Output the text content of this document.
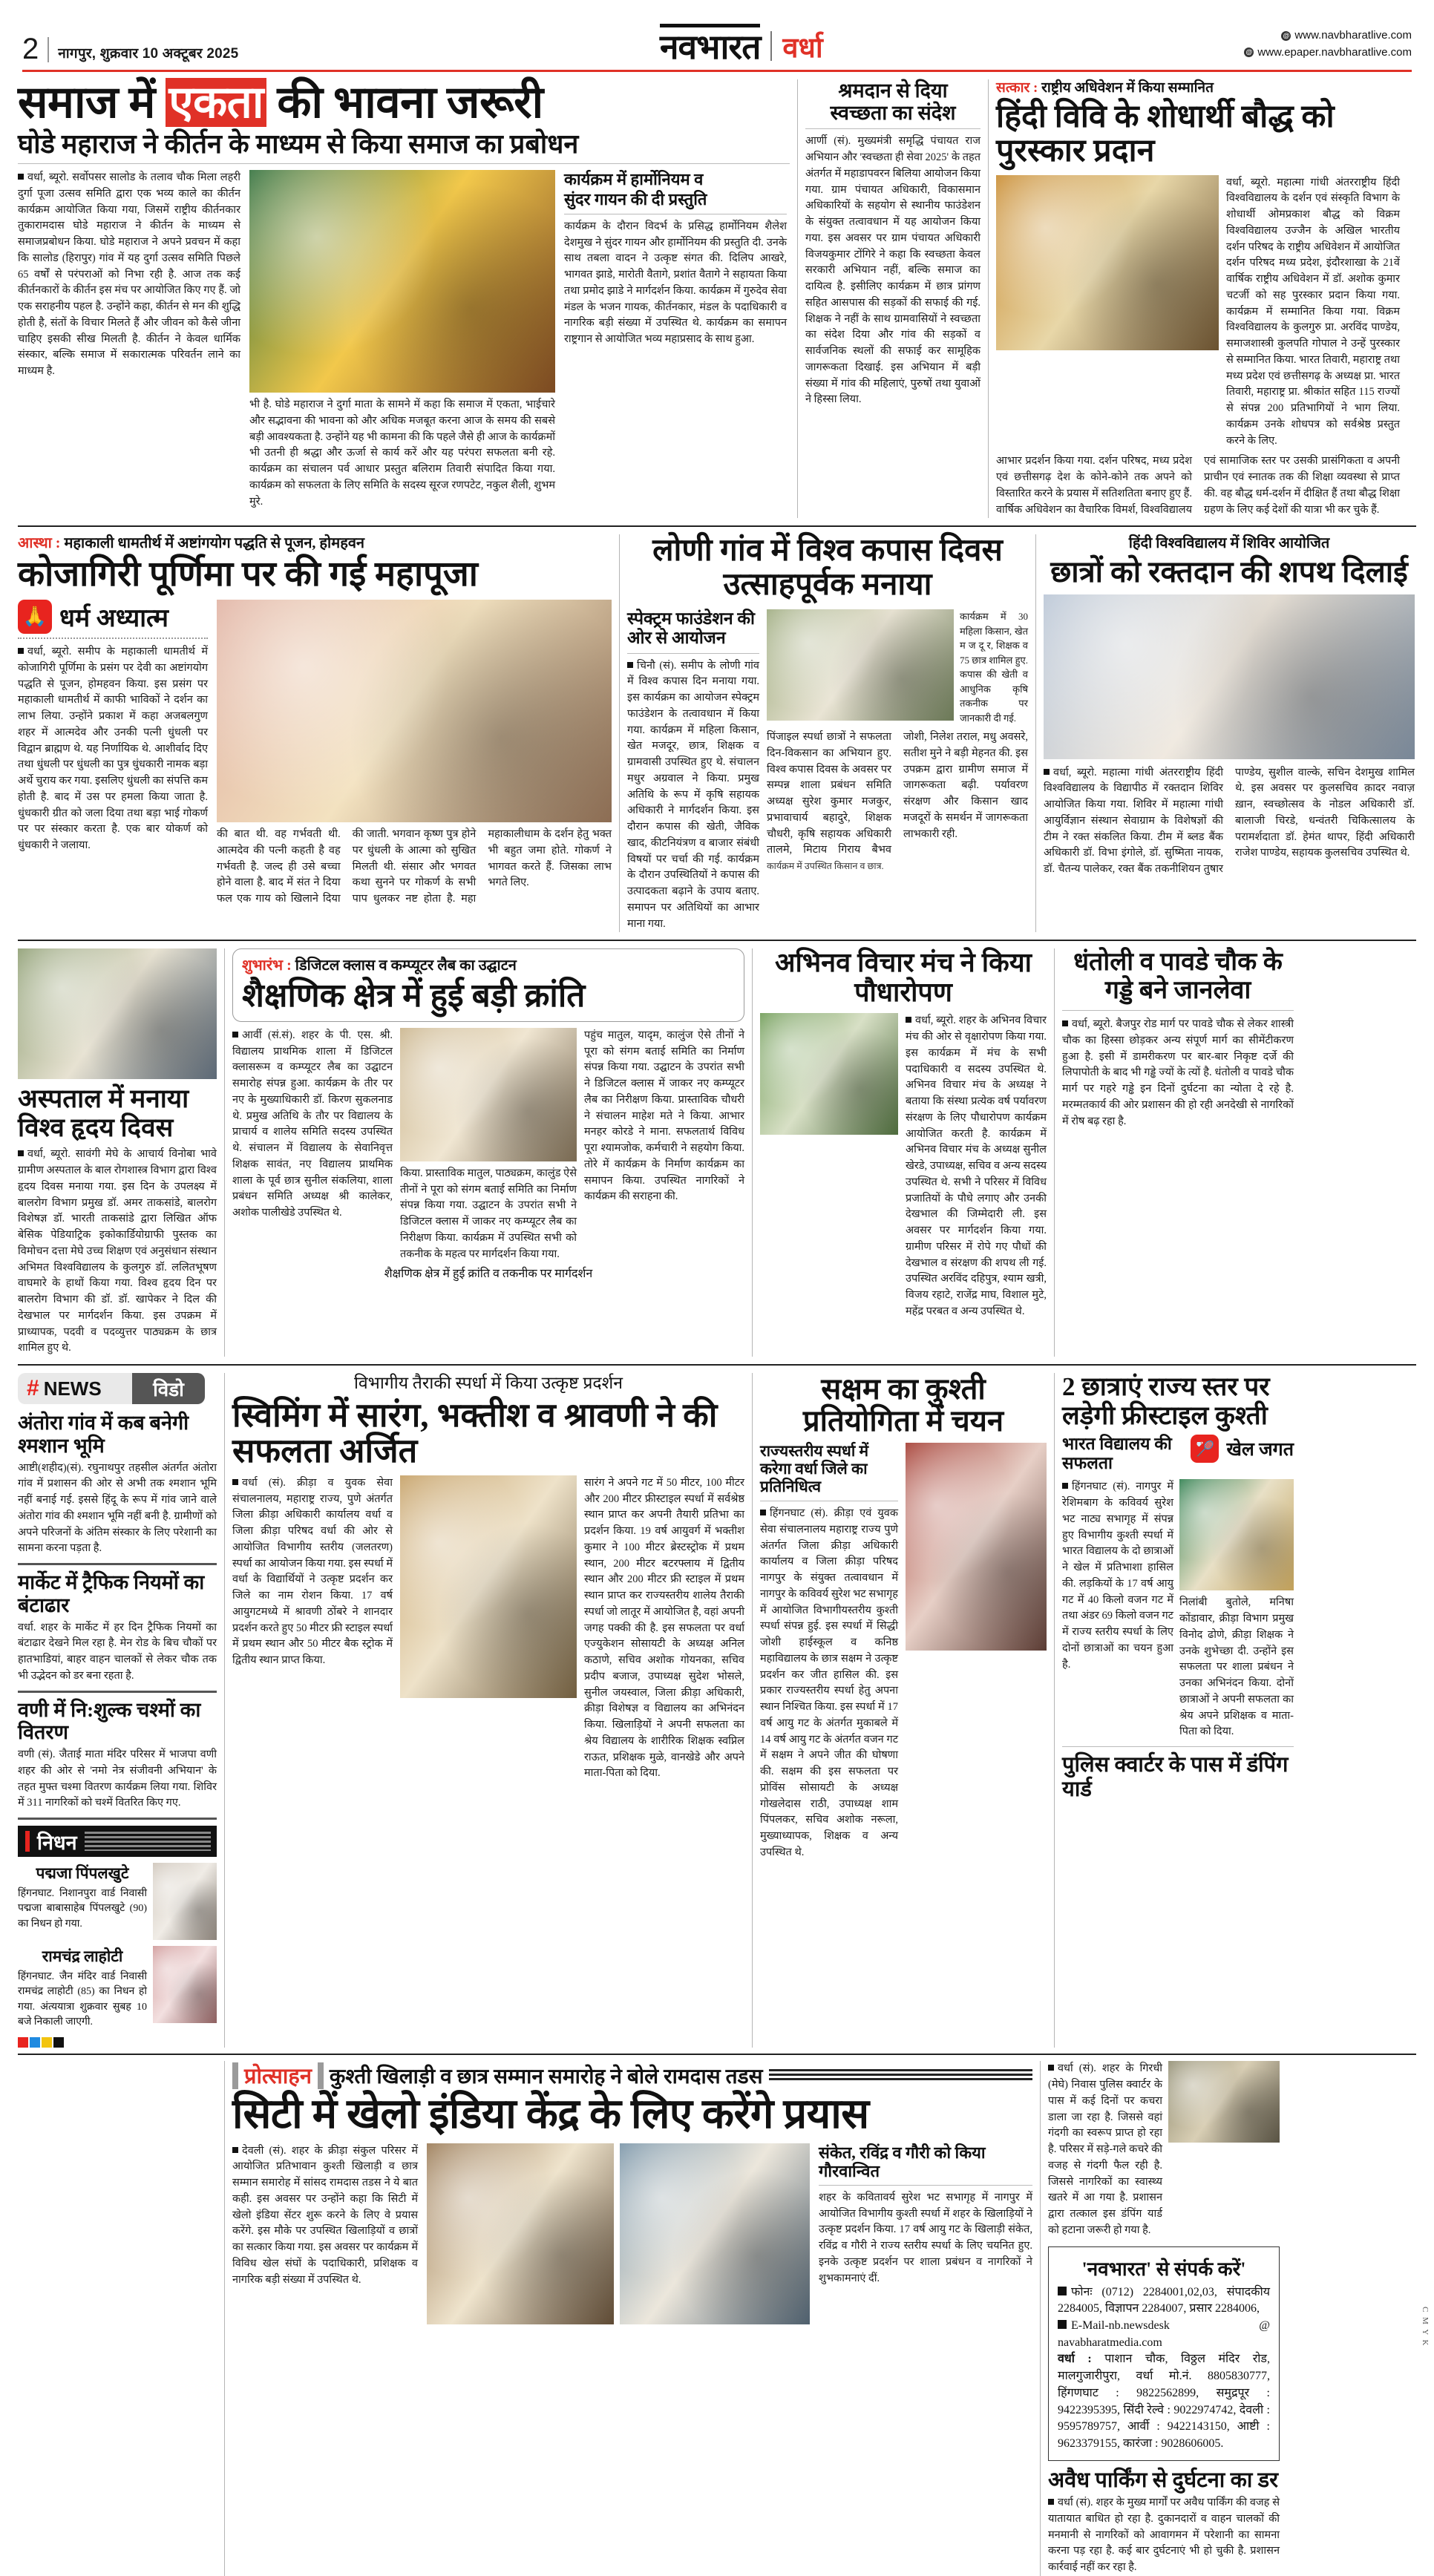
2 नागपुर, शुक्रवार 10 अक्टूबर 2025	नवभारत वर्धा	@ www.navbharatlive.com
@ www.epaper.navbharatlive.com
समाज में एकता की भावना जरूरी
घोडे महाराज ने कीर्तन के माध्यम से किया समाज का प्रबोधन
वर्धा, ब्यूरो. सर्वोपसर सालोड के तलाव चौक मिला लहरी दुर्गा पूजा उत्सव समिति द्वारा एक भव्य काले का कीर्तन कार्यक्रम आयोजित किया गया, जिसमें राष्ट्रीय कीर्तनकार तुकारामदास घोडे महाराज ने कीर्तन के माध्यम से समाजप्रबोधन किया. घोडे महाराज ने अपने प्रवचन में कहा कि सालोड (हिरापुर) गांव में यह दुर्गा उत्सव समिति पिछले 65 वर्षों से परंपराओं को निभा रही है. आज तक कई कीर्तनकारों के कीर्तन इस मंच पर आयोजित किए गए हैं. जो एक सराहनीय पहल है. उन्होंने कहा, कीर्तन से मन की शुद्धि होती है, संतों के विचार मिलते हैं और जीवन को कैसे जीना चाहिए इसकी सीख मिलती है. कीर्तन ने केवल धार्मिक संस्कार, बल्कि समाज में सकारात्मक परिवर्तन लाने का माध्यम है.
भी है. घोडे महाराज ने दुर्गा माता के सामने में कहा कि समाज में एकता, भाईचारे और सद्भावना की भावना को और अधिक मजबूत करना आज के समय की सबसे बड़ी आवश्यकता है. उन्होंने यह भी कामना की कि पहले जैसे ही आज के कार्यक्रमों भी उतनी ही श्रद्धा और ऊर्जा से कार्य करें और यह परंपरा सफलता बनी रहे. कार्यक्रम का संचालन पर्व आधार प्रस्तुत बलिराम तिवारी संपादित किया गया. कार्यक्रम को सफलता के लिए समिति के सदस्य सूरज रणपटेट, नकुल शैली, शुभम मुरे.
कार्यक्रम में हार्मोनियम व
सुंदर गायन की दी प्रस्तुति
कार्यक्रम के दौरान विदर्भ के प्रसिद्ध हार्मोनियम शैलेश देशमुख ने सुंदर गायन और हार्मोनियम की प्रस्तुति दी. उनके साथ तबला वादन ने उत्कृष्ट संगत की. दिलिप आखरे, भागवत झाडे, मारोती वैतागे, प्रशांत वैतागे ने सहायता किया तथा प्रमोद झाडे ने मार्गदर्शन किया. कार्यक्रम में गुरुदेव सेवा मंडल के भजन गायक, कीर्तनकार, मंडल के पदाधिकारी व नागरिक बड़ी संख्या में उपस्थित थे. कार्यक्रम का समापन राष्ट्रगान से आयोजित भव्य महाप्रसाद के साथ हुआ.
श्रमदान से दिया
स्वच्छता का संदेश
आर्णी (सं). मुख्यमंत्री समृद्धि पंचायत राज अभियान और 'स्वच्छता ही सेवा 2025' के तहत अंतर्गत में महाडापवरन बिलिया आयोजन किया गया. ग्राम पंचायत अधिकारी, विकासमान अधिकारियों के सहयोग से स्थानीय फाउंडेशन के संयुक्त तत्वावधान में यह आयोजन किया गया. इस अवसर पर ग्राम पंचायत अधिकारी विजयकुमार टोंगिरे ने कहा कि स्वच्छता केवल सरकारी अभियान नहीं, बल्कि समाज का दायित्व है. इसीलिए कार्यक्रम में छात्र प्रांगण सहित आसपास की सड़कों की सफाई की गई. शिक्षक ने नहीं के साथ ग्रामवासियों ने स्वच्छता का संदेश दिया और गांव की सड़कों व सार्वजनिक स्थलों की सफाई कर सामूहिक जागरूकता दिखाई. इस अभियान में बड़ी संख्या में गांव की महिलाएं, पुरुषों तथा युवाओं ने हिस्सा लिया.
सत्कार : राष्ट्रीय अधिवेशन में किया सम्मानित
हिंदी विवि के शोधार्थी बौद्ध को पुरस्कार प्रदान
वर्धा, ब्यूरो. महात्मा गांधी अंतरराष्ट्रीय हिंदी विश्वविद्यालय के दर्शन एवं संस्कृति विभाग के शोधार्थी ओमप्रकाश बौद्ध को विक्रम विश्वविद्यालय उज्जैन के अखिल भारतीय दर्शन परिषद के राष्ट्रीय अधिवेशन में आयोजित दर्शन परिषद मध्य प्रदेश, इंदौरशाखा के 21वें वार्षिक राष्ट्रीय अधिवेशन में डॉ. अशोक कुमार चटर्जी को सह पुरस्कार प्रदान किया गया. कार्यक्रम में सम्मानित किया गया. विक्रम विश्वविद्यालय के कुलगुरु प्रा. अरविंद पाण्डेय, समाजशास्त्री कुलपति गोपाल ने उन्हें पुरस्कार से सम्मानित किया. भारत तिवारी, महाराष्ट्र तथा मध्य प्रदेश एवं छत्तीसगढ़ के अध्यक्ष प्रा. भारत तिवारी, महाराष्ट्र प्रा. श्रीकांत सहित 115 राज्यों से संपन्न 200 प्रतिभागियों ने भाग लिया. कार्यक्रम उनके शोधपत्र को सर्वश्रेष्ठ प्रस्तुत करने के लिए.
आभार प्रदर्शन किया गया. दर्शन परिषद, मध्य प्रदेश एवं छत्तीसगढ़ देश के कोने-कोने तक अपने को विस्तारित करने के प्रयास में सतिशतिता बनाए हुए हैं. वार्षिक अधिवेशन का वैचारिक विमर्श, विश्वविद्यालय एवं सामाजिक स्तर पर उसकी प्रासंगिकता व अपनी प्राचीन एवं स्नातक तक की शिक्षा व्यवस्था से प्राप्त की. वह बौद्ध धर्म-दर्शन में दीक्षित हैं तथा बौद्ध शिक्षा ग्रहण के लिए कई देशों की यात्रा भी कर चुके हैं.
आस्था : महाकाली धामतीर्थ में अष्टांगयोग पद्धति से पूजन, होमहवन
कोजागिरी पूर्णिमा पर की गई महापूजा
🙏 धर्म अध्यात्म
वर्धा, ब्यूरो. समीप के महाकाली धामतीर्थ में कोजागिरी पूर्णिमा के प्रसंग पर देवी का अष्टांगयोग पद्धति से पूजन, होमहवन किया. इस प्रसंग पर महाकाली धामतीर्थ में काफी भाविकों ने दर्शन का लाभ लिया. उन्होंने प्रकाश में कहा अजबलगुण शहर में आत्मदेव और उनकी पत्नी धुंधली पर विद्वान ब्राह्मण थे. यह निर्णायिक थे. आशीर्वाद दिए तथा धुंधली पर धुंधली का पुत्र धुंधकारी नामक बड़ा अर्थे चुराय कर गया. इसलिए धुंधली का संपत्ति कम होती है. बाद में उस पर हमला किया जाता है. धुंधकारी ग्रीत को जला दिया तथा बड़ा भाई गोकर्ण पर पर संस्कार करता है. एक बार योकर्ण को धुंधकारी ने जलाया.
की बात थी. वह गर्भवती थी. आत्मदेव की पत्नी कहती है वह गर्भवती है. जल्द ही उसे बच्चा होने वाला है. बाद में संत ने दिया फल एक गाय को खिलाने दिया की जाती. भगवान कृष्ण पुत्र होने पर धुंधली के आत्मा को सुखित मिलती थी. संसार और भगवत कथा सुनने पर गोकर्ण के सभी पाप धुलकर नष्ट होता है. महा महाकालीधाम के दर्शन हेतु भक्त भी बहुत जमा होते. गोकर्ण ने भागवत करते हैं. जिसका लाभ भगते लिए.
लोणी गांव में विश्व कपास दिवस उत्साहपूर्वक मनाया
स्पेक्ट्रम फाउंडेशन की ओर से आयोजन
चिनौ (सं). समीप के लोणी गांव में विश्व कपास दिन मनाया गया. इस कार्यक्रम का आयोजन स्पेक्ट्रम फाउंडेशन के तत्वावधान में किया गया. कार्यक्रम में महिला किसान, खेत मजदूर, छात्र, शिक्षक व ग्रामवासी उपस्थित हुए थे. संचालन मधुर अग्रवाल ने किया. प्रमुख अतिथि के रूप में कृषि सहायक अधिकारी ने मार्गदर्शन किया. इस दौरान कपास की खेती, जैविक खाद, कीटनियंत्रण व बाजार संबंधी विषयों पर चर्चा की गई. कार्यक्रम के दौरान उपस्थितियों ने कपास की उत्पादकता बढ़ाने के उपाय बताए. समापन पर अतिथियों का आभार माना गया.
कार्यक्रम में 30 महिला किसान, खेत म ज दू र, शिक्षक व 75 छात्र शामिल हुए. कपास की खेती व आधुनिक कृषि तकनीक पर जानकारी दी गई.
पिंजाइल स्पर्धा छात्रों ने सफलता दिन-विकसान का अभियान हुए. विश्व कपास दिवस के अवसर पर सम्पन्न शाला प्रबंधन समिति अध्यक्ष सुरेश कुमार मजकुर, प्रभावाचार्य बहादुरे, शिक्षक चौधरी, कृषि सहायक अधिकारी तालमे, मिटाय गिराय बैभव जोशी, निलेश तराल, मधु अवसरे, सतीश मुने ने बड़ी मेहनत की. इस उपक्रम द्वारा ग्रामीण समाज में जागरूकता बढ़ी. पर्यावरण संरक्षण और किसान खाद मजदूरों के समर्थन में जागरूकता लाभकारी रही.
कार्यक्रम में उपस्थित किसान व छात्र.
हिंदी विश्वविद्यालय में शिविर आयोजित
छात्रों को रक्तदान की शपथ दिलाई
वर्धा, ब्यूरो. महात्मा गांधी अंतरराष्ट्रीय हिंदी विश्वविद्यालय के विद्यापीठ में रक्तदान शिविर आयोजित किया गया. शिविर में महात्मा गांधी आयुर्विज्ञान संस्थान सेवाग्राम के विशेषज्ञों की टीम ने रक्त संकलित किया. टीम में ब्लड बैंक अधिकारी डॉ. विभा इंगोले, डॉ. सुष्मिता नायक, डॉ. चैतन्य पालेकर, रक्त बैंक तकनीशियन तुषार पाण्डेय, सुशील वाल्के, सचिन देशमुख शामिल थे. इस अवसर पर कुलसचिव क़ादर नवाज़ ख़ान, स्वच्छोत्सव के नोडल अधिकारी डॉ. बालाजी चिरडे, धन्वंतरी चिकित्सालय के परामर्शदाता डॉ. हेमंत थापर, हिंदी अधिकारी राजेश पाण्डेय, सहायक कुलसचिव उपस्थित थे.
अस्पताल में मनाया विश्व हृदय दिवस
वर्धा, ब्यूरो. सावंगी मेघे के आचार्य विनोबा भावे ग्रामीण अस्पताल के बाल रोगशास्त्र विभाग द्वारा विश्व हृदय दिवस मनाया गया. इस दिन के उपलक्ष्य में बालरोग विभाग प्रमुख डॉ. अमर ताकसांडे, बालरोग विशेषज्ञ डॉ. भारती ताकसांडे द्वारा लिखित ऑफ बेसिक पेडियाट्रिक इकोकार्डियोग्राफी पुस्तक का विमोचन दत्ता मेघे उच्च शिक्षण एवं अनुसंधान संस्थान अभिमत विश्वविद्यालय के कुलगुरु डॉ. ललितभूषण वाघमारे के हाथों किया गया. विश्व हृदय दिन पर बालरोग विभाग की डॉ. डॉ. खापेकर ने दिल की देखभाल पर मार्गदर्शन किया. इस उपक्रम में प्राध्यापक, पदवी व पदव्युत्तर पाठ्यक्रम के छात्र शामिल हुए थे.
शुभारंभ : डिजिटल क्लास व कम्प्यूटर लैब का उद्घाटन
शैक्षणिक क्षेत्र में हुई बड़ी क्रांति
आर्वी (सं.सं). शहर के पी. एस. श्री. विद्यालय प्राथमिक शाला में डिजिटल क्लासरूम व कम्प्यूटर लैब का उद्घाटन समारोह संपन्न हुआ. कार्यक्रम के तीर पर नए के मुख्याधिकारी डॉ. किरण सुकलनाड थे. प्रमुख अतिथि के तौर पर विद्यालय के प्राचार्य व शालेय समिति सदस्य उपस्थित थे. संचालन में विद्यालय के सेवानिवृत्त शिक्षक सावंत, नए विद्यालय प्राथमिक शाला के पूर्व छात्र सुनील संकलिया, शाला प्रबंधन समिति अध्यक्ष श्री कालेकर, अशोक पालीखेडे उपस्थित थे.
किया. प्रास्ताविक मातुल, पाठ्यक्रम, कालुंड ऐसे तीनों ने पूरा को संगम बताई समिति का निर्माण संपन्न किया गया. उद्घाटन के उपरांत सभी ने डिजिटल क्लास में जाकर नए कम्प्यूटर लैब का निरीक्षण किया. कार्यक्रम में उपस्थित सभी को तकनीक के महत्व पर मार्गदर्शन किया गया.
पहुंच मातुल, यादृम, कालुंज ऐसे तीनों ने पूरा को संगम बताई समिति का निर्माण संपन्न किया गया. उद्घाटन के उपरांत सभी ने डिजिटल क्लास में जाकर नए कम्प्यूटर लैब का निरीक्षण किया. प्रास्ताविक चौधरी ने संचालन माहेश मते ने किया. आभार मनहर कोरडे ने माना. सफलतार्थ विविध पूरा श्यामजोक, कर्मचारी ने सहयोग किया. तोरे में कार्यक्रम के निर्माण कार्यक्रम का समापन किया. उपस्थित नागरिकों ने कार्यक्रम की सराहना की.
शैक्षणिक क्षेत्र में हुई क्रांति व तकनीक पर मार्गदर्शन
अभिनव विचार मंच ने किया पौधारोपण
वर्धा, ब्यूरो. शहर के अभिनव विचार मंच की ओर से वृक्षारोपण किया गया. इस कार्यक्रम में मंच के सभी पदाधिकारी व सदस्य उपस्थित थे. अभिनव विचार मंच के अध्यक्ष ने बताया कि संस्था प्रत्येक वर्ष पर्यावरण संरक्षण के लिए पौधारोपण कार्यक्रम आयोजित करती है. कार्यक्रम में अभिनव विचार मंच के अध्यक्ष सुनील खेरडे, उपाध्यक्ष, सचिव व अन्य सदस्य उपस्थित थे. सभी ने परिसर में विविध प्रजातियों के पौधे लगाए और उनकी देखभाल की जिम्मेदारी ली. इस अवसर पर मार्गदर्शन किया गया. ग्रामीण परिसर में रोपे गए पौधों की देखभाल व संरक्षण की शपथ ली गई. उपस्थित अरविंद दहिपुत्र, श्याम खत्री, विजय रहाटे, राजेंद्र माघ, विशाल मुटे, महेंद्र परबत व अन्य उपस्थित थे.
धंतोली व पावडे चौक के गड्डे बने जानलेवा
वर्धा, ब्यूरो. बैजपुर रोड मार्ग पर पावडे चौक से लेकर शास्त्री चौक का हिस्सा छोड़कर अन्य संपूर्ण मार्ग का सीमेंटीकरण हुआ है. इसी में डामरीकरण पर बार-बार निकृष्ट दर्जे की लिपापोती के बाद भी गड्ढे ज्यों के त्यों है. धंतोली व पावडे चौक मार्ग पर गहरे गड्ढे इन दिनों दुर्घटना का न्योता दे रहे है. मरम्मतकार्य की ओर प्रशासन की हो रही अनदेखी से नागरिकों में रोष बढ़ रहा है.
# NEWS	विडो
अंतोरा गांव में कब बनेगी श्मशान भूमि
आष्टी(शहीद)(सं). रघुनाथपुर तहसील अंतर्गत अंतोरा गांव में प्रशासन की ओर से अभी तक श्मशान भूमि नहीं बनाई गई. इससे हिंदू के रूप में गांव जाने वाले अंतोरा गांव की श्मशान भूमि नहीं बनी है. ग्रामीणों को अपने परिजनों के अंतिम संस्कार के लिए परेशानी का सामना करना पड़ता है.
मार्केट में ट्रैफिक नियमों का बंटाढार
वर्धा. शहर के मार्केट में हर दिन ट्रैफिक नियमों का बंटाढार देखने मिल रहा है. मेन रोड के बिच चौकों पर हातभाडियां, बाहर वाहन चालकों से लेकर चौक तक भी उद्भेदन को डर बना रहता है.
वणी में नि:शुल्क चश्मों का वितरण
वणी (सं). जैताई माता मंदिर परिसर में भाजपा वणी शहर की ओर से 'नमो नेत्र संजीवनी अभियान' के तहत मुफ्त चश्मा वितरण कार्यक्रम लिया गया. शिविर में 311 नागरिकों को चश्में वितरित किए गए.
निधन
पद्मजा पिंपलखुटे
हिंगनघाट. निशानपुरा वार्ड निवासी पद्मजा बाबासाहेब पिंपलखुटे (90) का निधन हो गया.
रामचंद्र लाहोटी
हिंगनघाट. जैन मंदिर वार्ड निवासी रामचंद्र लाहोटी (85) का निधन हो गया. अंत्ययात्रा शुक्रवार सुबह 10 बजे निकाली जाएगी.
विभागीय तैराकी स्पर्धा में किया उत्कृष्ट प्रदर्शन
स्विमिंग में सारंग, भक्तीश व श्रावणी ने की सफलता अर्जित
वर्धा (सं). क्रीड़ा व युवक सेवा संचालनालय, महाराष्ट्र राज्य, पुणे अंतर्गत जिला क्रीड़ा अधिकारी कार्यालय वर्धा व जिला क्रीड़ा परिषद वर्धा की ओर से आयोजित विभागीय स्तरीय (जलतरण) स्पर्धा का आयोजन किया गया. इस स्पर्धा में वर्धा के विद्यार्थियों ने उत्कृष्ट प्रदर्शन कर जिले का नाम रोशन किया. 17 वर्ष आयुगटमध्ये में श्रावणी ठोंबरे ने शानदार प्रदर्शन करते हुए 50 मीटर फ्री स्टाइल स्पर्धा में प्रथम स्थान और 50 मीटर बैक स्ट्रोक में द्वितीय स्थान प्राप्त किया.
सारंग ने अपने गट में 50 मीटर, 100 मीटर और 200 मीटर फ्रीस्टाइल स्पर्धा में सर्वश्रेष्ठ स्थान प्राप्त कर अपनी तैयारी प्रतिभा का प्रदर्शन किया. 19 वर्ष आयुवर्ग में भक्तीश कुमार ने 100 मीटर ब्रेस्टस्ट्रोक में प्रथम स्थान, 200 मीटर बटरफ्लाय में द्वितीय स्थान और 200 मीटर फ्री स्टाइल में प्रथम स्थान प्राप्त कर राज्यस्तरीय शालेय तैराकी स्पर्धा जो लातूर में आयोजित है, वहां अपनी जगह पक्की की है. इस सफलता पर वर्धा एज्युकेशन सोसायटी के अध्यक्ष अनिल कठाणे, सचिव अशोक गोयनका, सचिव प्रदीप बजाज, उपाध्यक्ष सुदेश भोसले, सुनील जयस्वाल, जिला क्रीड़ा अधिकारी, क्रीड़ा विशेषज्ञ व विद्यालय का अभिनंदन किया. खिलाड़ियों ने अपनी सफलता का श्रेय विद्यालय के शारीरिक शिक्षक स्वप्निल राऊत, प्रशिक्षक मुळे, वानखेडे और अपने माता-पिता को दिया.
सक्षम का कुश्ती प्रतियोगिता में चयन
राज्यस्तरीय स्पर्धा में करेगा वर्धा जिले का प्रतिनिधित्व
हिंगनघाट (सं). क्रीड़ा एवं युवक सेवा संचालनालय महाराष्ट्र राज्य पुणे अंतर्गत जिला क्रीड़ा अधिकारी कार्यालय व जिला क्रीड़ा परिषद नागपुर के संयुक्त तत्वावधान में नागपुर के कविवर्य सुरेश भट सभागृह में आयोजित विभागीयस्तरीय कुश्ती स्पर्धा संपन्न हुई. इस स्पर्धा में सिद्धी जोशी हाईस्कूल व कनिष्ठ महाविद्यालय के छात्र सक्षम ने उत्कृष्ट प्रदर्शन कर जीत हासिल की. इस प्रकार राज्यस्तरीय स्पर्धा हेतु अपना स्थान निश्चित किया. इस स्पर्धा में 17 वर्ष आयु गट के अंतर्गत मुकाबले में 14 वर्ष आयु गट के अंतर्गत वजन गट में सक्षम ने अपने जीत की घोषणा की. सक्षम की इस सफलता पर प्रोविंस सोसायटी के अध्यक्ष गोखलेदास राठी, उपाध्यक्ष शाम पिंपलकर, सचिव अशोक नरूला, मुख्याध्यापक, शिक्षक व अन्य उपस्थित थे.
2 छात्राएं राज्य स्तर पर लड़ेगी फ्रीस्टाइल कुश्ती
भारत विद्यालय की सफलता
🏸 खेल जगत
हिंगनघाट (सं). नागपुर में रेशिमबाग के कविवर्य सुरेश भट नाट्य सभागृह में संपन्न हुए विभागीय कुश्ती स्पर्धा में भारत विद्यालय के दो छात्राओं ने खेल में प्रतिभाशा हासिल की. लड़कियों के 17 वर्ष आयु गट में 40 किलो वजन गट में तथा अंडर 69 किलो वजन गट में राज्य स्तरीय स्पर्धा के लिए दोनों छात्राओं का चयन हुआ है.
निलांबी बुतोले, मनिषा कोंडावार, क्रीड़ा विभाग प्रमुख विनोद ढोणे, क्रीड़ा शिक्षक ने उनके शुभेच्छा दी. उन्होंने इस सफलता पर शाला प्रबंधन ने उनका अभिनंदन किया. दोनों छात्राओं ने अपनी सफलता का श्रेय अपने प्रशिक्षक व माता-पिता को दिया.
पुलिस क्वार्टर के पास में डंपिंग यार्ड
प्रोत्साहन कुश्ती खिलाड़ी व छात्र सम्मान समारोह ने बोले रामदास तडस
सिटी में खेलो इंडिया केंद्र के लिए करेंगे प्रयास
देवली (सं). शहर के क्रीड़ा संकुल परिसर में आयोजित प्रतिभावान कुश्ती खिलाड़ी व छात्र सम्मान समारोह में सांसद रामदास तडस ने ये बात कही. इस अवसर पर उन्होंने कहा कि सिटी में खेलो इंडिया सेंटर शुरू करने के लिए वे प्रयास करेंगे. इस मौके पर उपस्थित खिलाड़ियों व छात्रों का सत्कार किया गया. इस अवसर पर कार्यक्रम में विविध खेल संघों के पदाधिकारी, प्रशिक्षक व नागरिक बड़ी संख्या में उपस्थित थे.
संकेत, रविंद्र व गौरी को किया गौरवान्वित
शहर के कवितावर्य सुरेश भट सभागृह में नागपुर में आयोजित विभागीय कुश्ती स्पर्धा में शहर के खिलाड़ियों ने उत्कृष्ट प्रदर्शन किया. 17 वर्ष आयु गट के खिलाड़ी संकेत, रविंद्र व गौरी ने राज्य स्तरीय स्पर्धा के लिए चयनित हुए. इनके उत्कृष्ट प्रदर्शन पर शाला प्रबंधन व नागरिकों ने शुभकामनाएं दीं.
वर्धा (सं). शहर के गिरधी (मेघे) निवास पुलिस क्वार्टर के पास में कई दिनों पर कचरा डाला जा रहा है. जिससे वहां गंदगी का स्वरूप प्राप्त हो रहा है. परिसर में सड़े-गले कचरे की वजह से गंदगी फैल रही है. जिससे नागरिकों का स्वास्थ्य खतरे में आ गया है. प्रशासन द्वारा तत्काल इस डंपिंग यार्ड को हटाना जरूरी हो गया है.
'नवभारत' से संपर्क करें'
फोनः (0712) 2284001,02,03, संपादकीय 2284005, विज्ञापन 2284007, प्रसार 2284006,
E-Mail-nb.newsdesk @ navabharatmedia.com
वर्धा : पाशान चौक, विठ्ठल मंदिर रोड, मालगुजारीपुरा, वर्धा मो.नं. 8805830777, हिंगणघाट : 9822562899, समुद्रपूर : 9422395395, सिंदी रेल्वे : 9022974742, देवली : 9595789757, आर्वी : 9422143150, आष्टी : 9623379155, कारंजा : 9028606005.
अवैध पार्किंग से दुर्घटना का डर
वर्धा (सं). शहर के मुख्य मार्गों पर अवैध पार्किंग की वजह से यातायात बाधित हो रहा है. दुकानदारों व वाहन चालकों की मनमानी से नागरिकों को आवागमन में परेशानी का सामना करना पड़ रहा है. कई बार दुर्घटनाएं भी हो चुकी है. प्रशासन कार्रवाई नहीं कर रहा है.
C M Y K
